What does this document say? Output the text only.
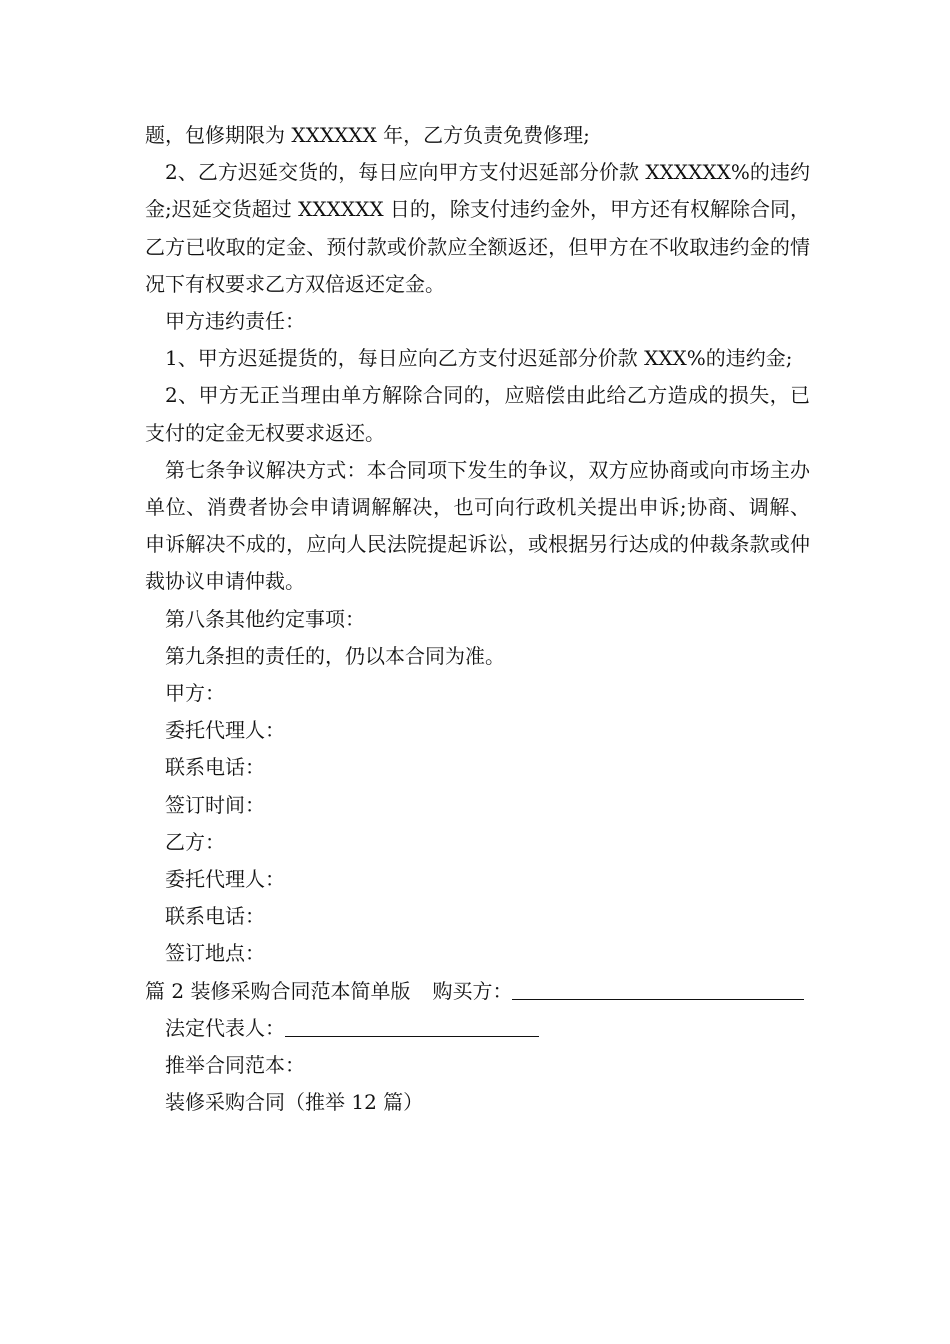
题，包修期限为 XXXXXX 年，乙方负责免费修理;

2、乙方迟延交货的，每日应向甲方支付迟延部分价款 XXXXXX%的违约金;迟延交货超过 XXXXXX 日的，除支付违约金外，甲方还有权解除合同，乙方已收取的定金、预付款或价款应全额返还，但甲方在不收取违约金的情况下有权要求乙方双倍返还定金。

甲方违约责任：

1、甲方迟延提货的，每日应向乙方支付迟延部分价款 XXX%的违约金;

2、甲方无正当理由单方解除合同的，应赔偿由此给乙方造成的损失，已支付的定金无权要求返还。

第七条争议解决方式：本合同项下发生的争议，双方应协商或向市场主办单位、消费者协会申请调解解决，也可向行政机关提出申诉;协商、调解、申诉解决不成的，应向人民法院提起诉讼，或根据另行达成的仲裁条款或仲裁协议申请仲裁。

第八条其他约定事项：

第九条担的责任的，仍以本合同为准。

甲方：

委托代理人：

联系电话：

签订时间：

乙方：

委托代理人：

联系电话：

签订地点：

篇 2 装修采购合同范本简单版 购买方：

法定代表人：

推举合同范本：

装修采购合同（推举 12 篇）
